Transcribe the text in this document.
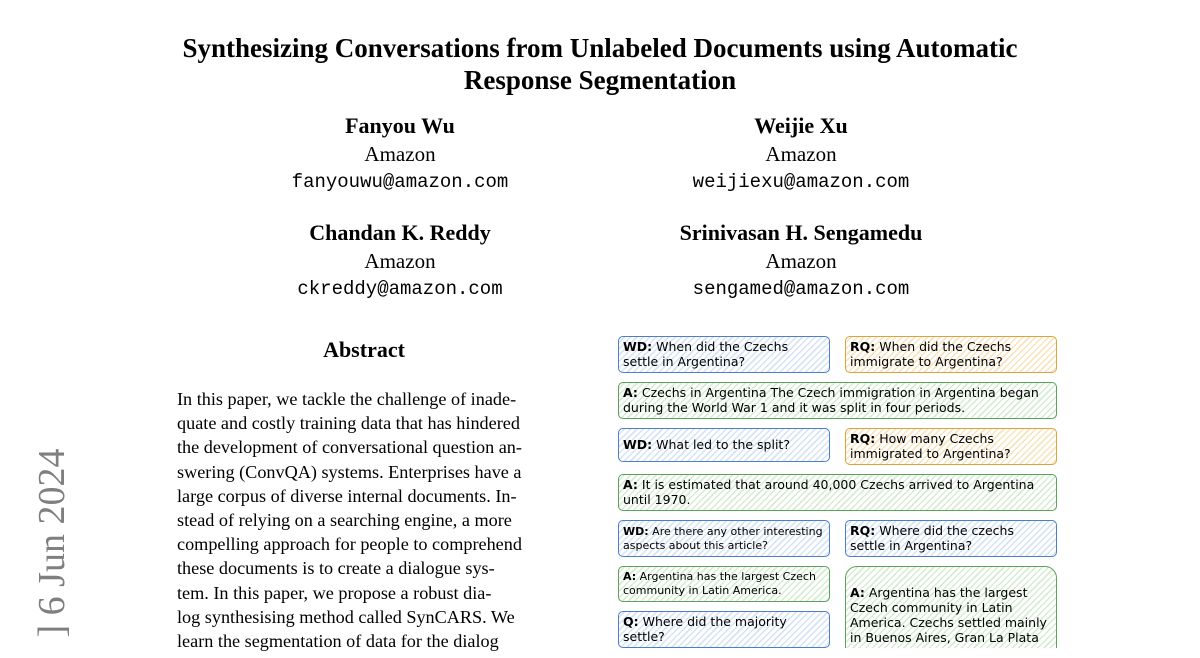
Synthesizing Conversations from Unlabeled Documents using Automatic
Response Segmentation
Fanyou Wu
Amazon
fanyouwu@amazon.com
Weijie Xu
Amazon
weijiexu@amazon.com
Chandan K. Reddy
Amazon
ckreddy@amazon.com
Srinivasan H. Sengamedu
Amazon
sengamed@amazon.com
] 6 Jun 2024
Abstract
In this paper, we tackle the challenge of inade-
quate and costly training data that has hindered
the development of conversational question an-
swering (ConvQA) systems. Enterprises have a
large corpus of diverse internal documents. In-
stead of relying on a searching engine, a more
compelling approach for people to comprehend
these documents is to create a dialogue sys-
tem. In this paper, we propose a robust dia-
log synthesising method called SynCARS. We
learn the segmentation of data for the dialog
WD: When did the Czechs settle in Argentina?
RQ: When did the Czechs immigrate to Argentina?
A: Czechs in Argentina The Czech immigration in Argentina began during the World War 1 and it was split in four periods.
WD: What led to the split?	RQ: How many Czechs immigrated to Argentina?
A: It is estimated that around 40,000 Czechs arrived to Argentina until 1970.
WD: Are there any other interesting aspects about this article?
RQ: Where did the czechs settle in Argentina?
A: Argentina has the largest Czech community in Latin America.	A: Argentina has the largest Czech community in Latin America. Czechs settled mainly in Buenos Aires, Gran La Plata
Q: Where did the majority settle?
